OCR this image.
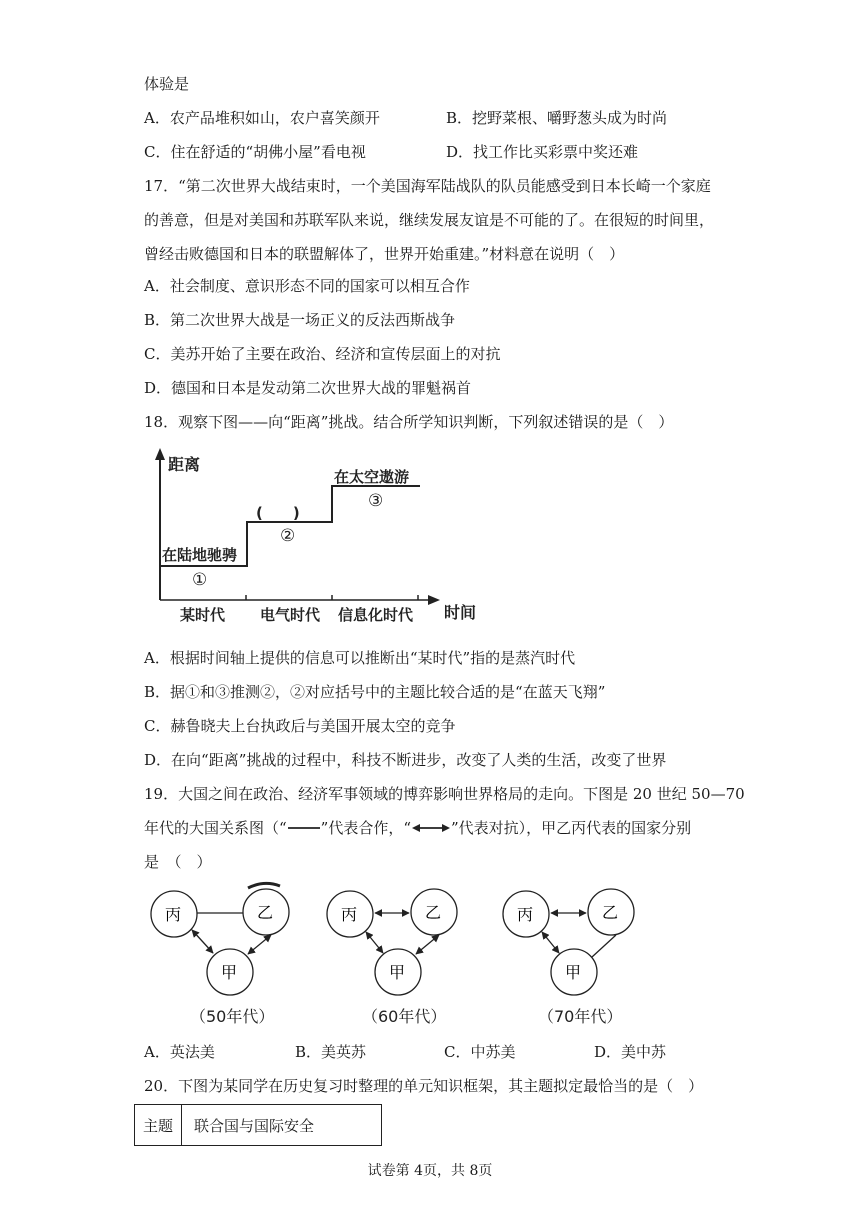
体验是
A．农产品堆积如山，农户喜笑颜开	B．挖野菜根、嚼野葱头成为时尚
C．住在舒适的“胡佛小屋”看电视	D．找工作比买彩票中奖还难
17．“第二次世界大战结束时，一个美国海军陆战队的队员能感受到日本长崎一个家庭
的善意，但是对美国和苏联军队来说，继续发展友谊是不可能的了。在很短的时间里，
曾经击败德国和日本的联盟解体了，世界开始重建。”材料意在说明（　）
A．社会制度、意识形态不同的国家可以相互合作
B．第二次世界大战是一场正义的反法西斯战争
C．美苏开始了主要在政治、经济和宣传层面上的对抗
D．德国和日本是发动第二次世界大战的罪魁祸首
18．观察下图——向“距离”挑战。结合所学知识判断，下列叙述错误的是（　）
距离
时间
某时代 电气时代 信息化时代
在陆地驰骋
①
(　　)
②
在太空遨游
③
A．根据时间轴上提供的信息可以推断出“某时代”指的是蒸汽时代
B．据①和③推测②，②对应括号中的主题比较合适的是“在蓝天飞翔”
C．赫鲁晓夫上台执政后与美国开展太空的竞争
D．在向“距离”挑战的过程中，科技不断进步，改变了人类的生活，改变了世界
19．大国之间在政治、经济军事领域的博弈影响世界格局的走向。下图是 20 世纪 50—70
年代的大国关系图（“ ”代表合作，“	”代表对抗），甲乙丙代表的国家分别
是　（　）
丙	乙
甲
（50年代）
丙	乙
甲
（60年代）
丙	乙
甲
（70年代）
A．英法美	B．美英苏	C．中苏美	D．美中苏
20．下图为某同学在历史复习时整理的单元知识框架，其主题拟定最恰当的是（　）
主题	联合国与国际安全
试卷第 4页，共 8页
